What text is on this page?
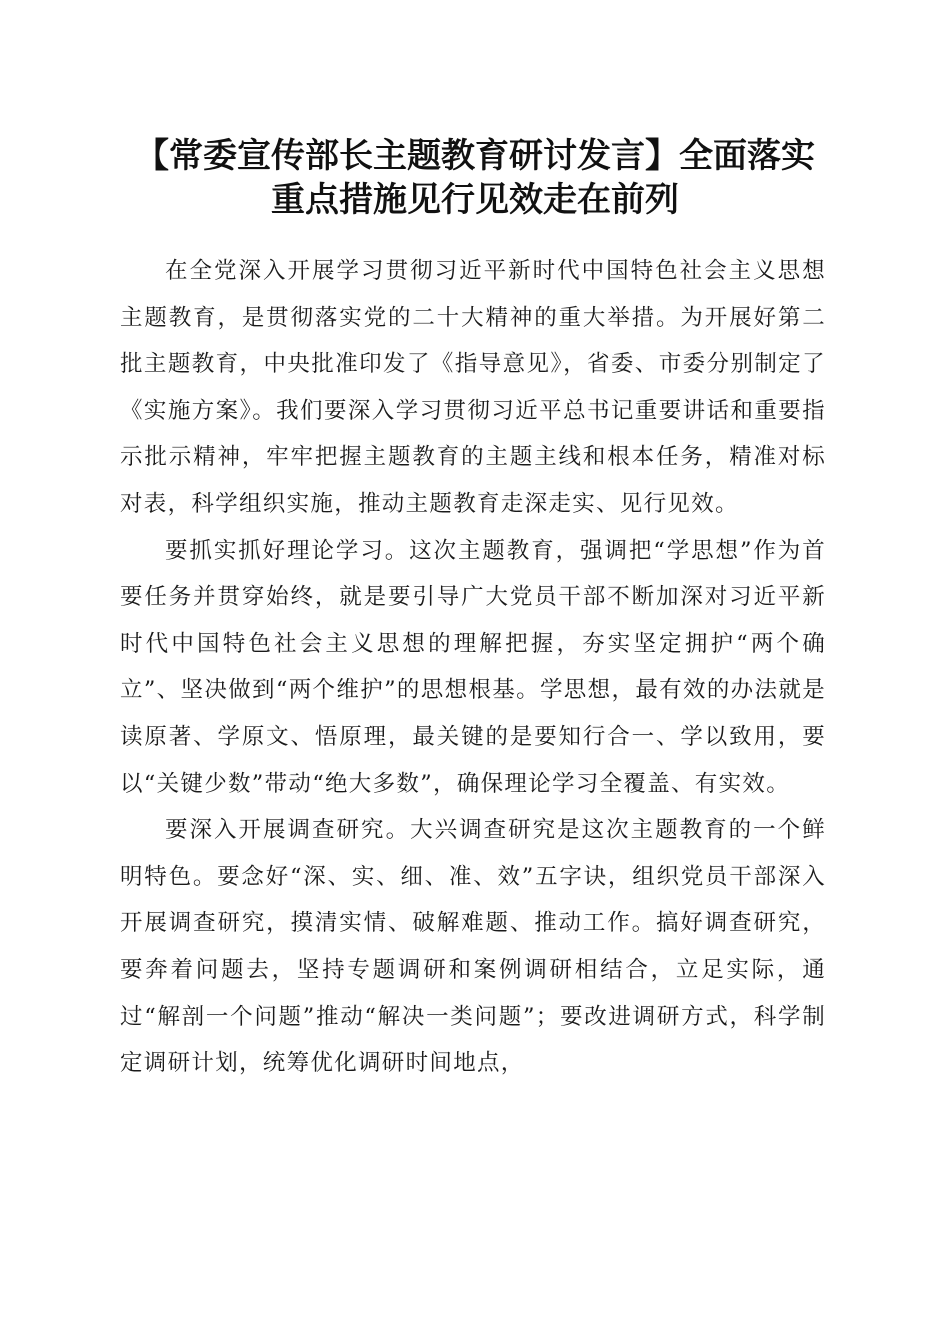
【常委宣传部长主题教育研讨发言】全面落实
重点措施见行见效走在前列

在全党深入开展学习贯彻习近平新时代中国特色社会主义思想主题教育，是贯彻落实党的二十大精神的重大举措。为开展好第二批主题教育，中央批准印发了《指导意见》，省委、市委分别制定了《实施方案》。我们要深入学习贯彻习近平总书记重要讲话和重要指示批示精神，牢牢把握主题教育的主题主线和根本任务，精准对标对表，科学组织实施，推动主题教育走深走实、见行见效。

要抓实抓好理论学习。这次主题教育，强调把“学思想”作为首要任务并贯穿始终，就是要引导广大党员干部不断加深对习近平新时代中国特色社会主义思想的理解把握，夯实坚定拥护“两个确立”、坚决做到“两个维护”的思想根基。学思想，最有效的办法就是读原著、学原文、悟原理，最关键的是要知行合一、学以致用，要以“关键少数”带动“绝大多数”，确保理论学习全覆盖、有实效。

要深入开展调查研究。大兴调查研究是这次主题教育的一个鲜明特色。要念好“深、实、细、准、效”五字诀，组织党员干部深入开展调查研究，摸清实情、破解难题、推动工作。搞好调查研究，要奔着问题去，坚持专题调研和案例调研相结合，立足实际，通过“解剖一个问题”推动“解决一类问题”；要改进调研方式，科学制定调研计划，统筹优化调研时间地点，
